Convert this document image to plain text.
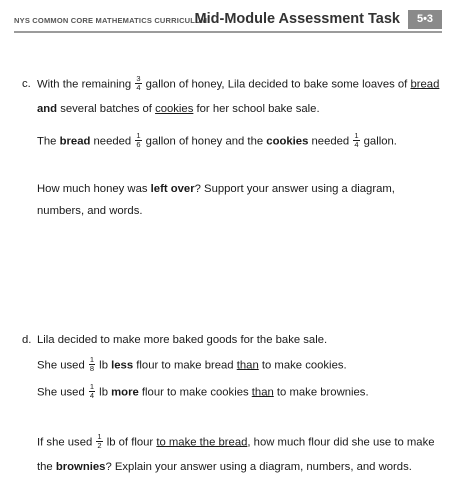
NYS COMMON CORE MATHEMATICS CURRICULUM
Mid-Module Assessment Task	5•3
c. With the remaining $\frac{3}{4}$ gallon of honey, Lila decided to bake some loaves of bread
and several batches of cookies for her school bake sale.
The bread needed $\frac{1}{6}$ gallon of honey and the cookies needed $\frac{1}{4}$ gallon.
How much honey was left over? Support your answer using a diagram,
numbers, and words.
d. Lila decided to make more baked goods for the bake sale.
She used $\frac{1}{8}$ lb less flour to make bread than to make cookies.
She used $\frac{1}{4}$ lb more flour to make cookies than to make brownies.
If she used $\frac{1}{2}$ lb of flour to make the bread, how much flour did she use to make
the brownies? Explain your answer using a diagram, numbers, and words.
